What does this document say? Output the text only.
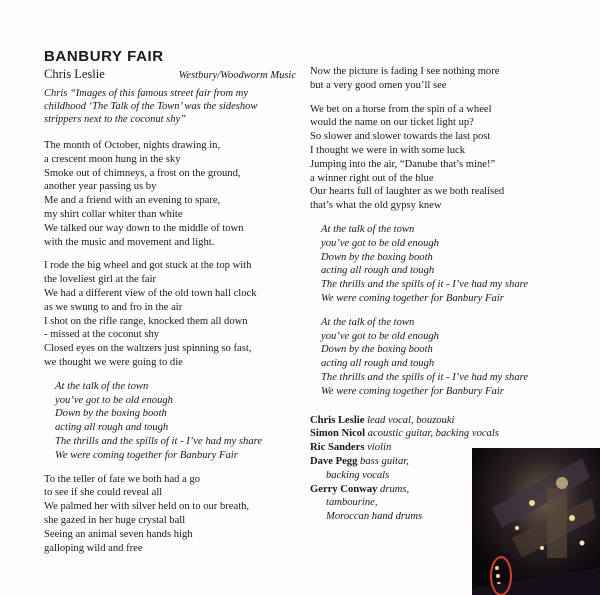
BANBURY FAIR
Chris Leslie	Westbury/Woodworm Music
Chris “Images of this famous street fair from my
childhood ‘The Talk of the Town’ was the sideshow
strippers next to the coconut shy”
The month of October, nights drawing in,
a crescent moon hung in the sky
Smoke out of chimneys, a frost on the ground,
another year passing us by
Me and a friend with an evening to spare,
my shirt collar whiter than white
We talked our way down to the middle of town
with the music and movement and light.
I rode the big wheel and got stuck at the top with
the loveliest girl at the fair
We had a different view of the old town hall clock
as we swung to and fro in the air
I shot on the rifle range, knocked them all down
- missed at the coconut shy
Closed eyes on the waltzers just spinning so fast,
we thought we were going to die
At the talk of the town
you’ve got to be old enough
Down by the boxing booth
acting all rough and tough
The thrills and the spills of it - I’ve had my share
We were coming together for Banbury Fair
To the teller of fate we both had a go
to see if she could reveal all
We palmed her with silver held on to our breath,
she gazed in her huge crystal ball
Seeing an animal seven hands high
galloping wild and free
Now the picture is fading I see nothing more
but a very good omen you’ll see
We bet on a horse from the spin of a wheel
would the name on our ticket light up?
So slower and slower towards the last post
I thought we were in with some luck
Jumping into the air, “Danube that’s mine!”
a winner right out of the blue
Our hearts full of laughter as we both realised
that’s what the old gypsy knew
At the talk of the town
you’ve got to be old enough
Down by the boxing booth
acting all rough and tough
The thrills and the spills of it - I’ve had my share
We were coming together for Banbury Fair
At the talk of the town
you’ve got to be old enough
Down by the boxing booth
acting all rough and tough
The thrills and the spills of it - I’ve had my share
We were coming together for Banbury Fair
Chris Leslie lead vocal, bouzouki
Simon Nicol acoustic guitar, backing vocals
Ric Sanders violin
Dave Pegg bass guitar,
backing vocals
Gerry Conway drums,
tambourine,
Moroccan hand drums
